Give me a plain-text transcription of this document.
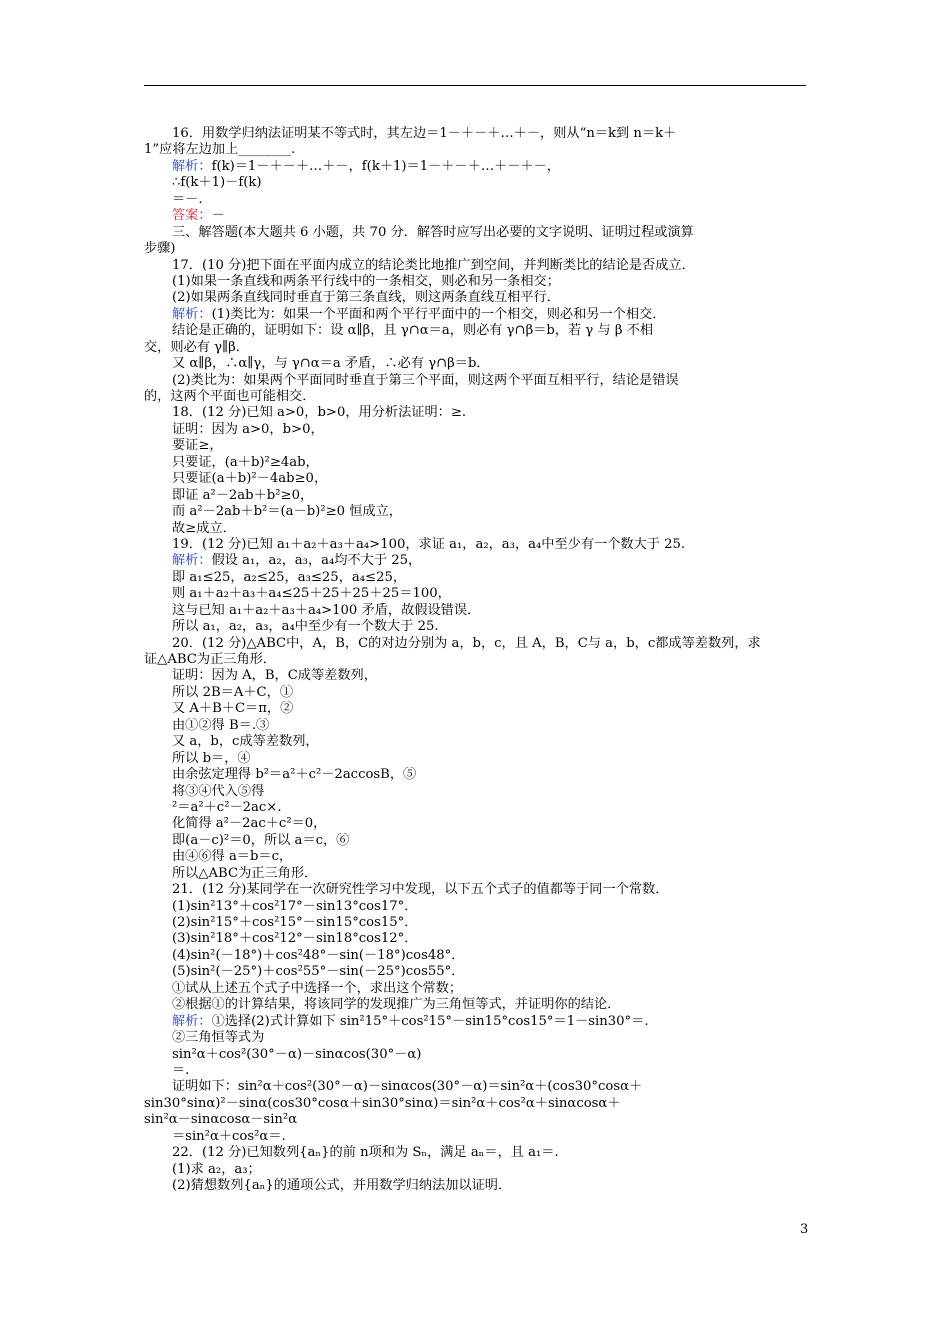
16．用数学归纳法证明某不等式时，其左边＝1－＋－＋…＋－，则从“n＝k到 n＝k＋
1”应将左边加上________.
解析：f(k)＝1－＋－＋…＋－，f(k＋1)＝1－＋－＋…＋－＋－，
∴f(k＋1)－f(k)
＝－.
答案：－
三、解答题(本大题共 6 小题，共 70 分．解答时应写出必要的文字说明、证明过程或演算
步骤)
17．(10 分)把下面在平面内成立的结论类比地推广到空间，并判断类比的结论是否成立．
(1)如果一条直线和两条平行线中的一条相交，则必和另一条相交；
(2)如果两条直线同时垂直于第三条直线，则这两条直线互相平行．
解析：(1)类比为：如果一个平面和两个平行平面中的一个相交，则必和另一个相交．
结论是正确的，证明如下：设 α∥β，且 γ∩α＝a，则必有 γ∩β＝b，若 γ 与 β 不相
交，则必有 γ∥β．
又 α∥β，∴α∥γ，与 γ∩α＝a 矛盾，∴必有 γ∩β＝b．
(2)类比为：如果两个平面同时垂直于第三个平面，则这两个平面互相平行，结论是错误
的，这两个平面也可能相交．
18．(12 分)已知 a>0，b>0，用分析法证明：≥.
证明：因为 a>0，b>0，
要证≥，
只要证，(a＋b)²≥4ab，
只要证(a＋b)²－4ab≥0，
即证 a²－2ab＋b²≥0，
而 a²－2ab＋b²＝(a－b)²≥0 恒成立，
故≥成立．
19．(12 分)已知 a₁＋a₂＋a₃＋a₄>100，求证 a₁，a₂，a₃，a₄中至少有一个数大于 25.
解析：假设 a₁，a₂，a₃，a₄均不大于 25，
即 a₁≤25，a₂≤25，a₃≤25，a₄≤25，
则 a₁＋a₂＋a₃＋a₄≤25＋25＋25＋25＝100，
这与已知 a₁＋a₂＋a₃＋a₄>100 矛盾，故假设错误．
所以 a₁，a₂，a₃，a₄中至少有一个数大于 25.
20．(12 分)△ABC中，A，B，C的对边分别为 a，b，c，且 A，B，C与 a，b，c都成等差数列，求
证△ABC为正三角形．
证明：因为 A，B，C成等差数列，
所以 2B＝A＋C，①
又 A＋B＋C＝π，②
由①②得 B＝.③
又 a，b，c成等差数列，
所以 b＝，④
由余弦定理得 b²＝a²＋c²－2accosB，⑤
将③④代入⑤得
²＝a²＋c²－2ac×.
化简得 a²－2ac＋c²＝0，
即(a－c)²＝0，所以 a＝c，⑥
由④⑥得 a＝b＝c，
所以△ABC为正三角形．
21．(12 分)某同学在一次研究性学习中发现，以下五个式子的值都等于同一个常数．
(1)sin²13°＋cos²17°－sin13°cos17°．
(2)sin²15°＋cos²15°－sin15°cos15°．
(3)sin²18°＋cos²12°－sin18°cos12°．
(4)sin²(－18°)＋cos²48°－sin(－18°)cos48°．
(5)sin²(－25°)＋cos²55°－sin(－25°)cos55°．
①试从上述五个式子中选择一个，求出这个常数；
②根据①的计算结果，将该同学的发现推广为三角恒等式，并证明你的结论．
解析：①选择(2)式计算如下 sin²15°＋cos²15°－sin15°cos15°＝1－sin30°＝.
②三角恒等式为
sin²α＋cos²(30°－α)－sinαcos(30°－α)
＝.
证明如下：sin²α＋cos²(30°－α)－sinαcos(30°－α)＝sin²α＋(cos30°cosα＋
sin30°sinα)²－sinα(cos30°cosα＋sin30°sinα)＝sin²α＋cos²α＋sinαcosα＋
sin²α－sinαcosα－sin²α
＝sin²α＋cos²α＝.
22．(12 分)已知数列{aₙ}的前 n项和为 Sₙ，满足 aₙ＝，且 a₁＝.
(1)求 a₂，a₃；
(2)猜想数列{aₙ}的通项公式，并用数学归纳法加以证明．
3
